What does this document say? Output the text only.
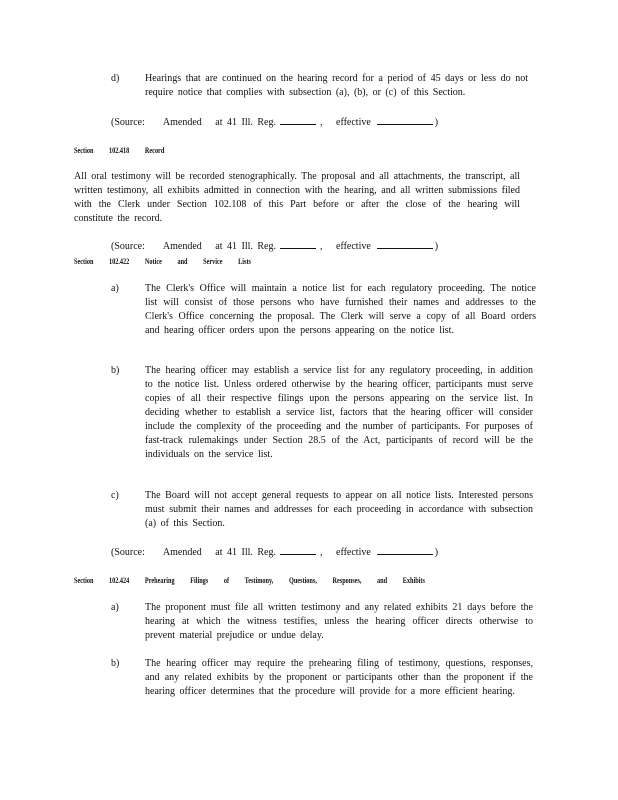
d)	Hearings that are continued on the hearing record for a period of 45 days or less do not require notice that complies with subsection (a), (b), or (c) of this Section.
(Source: Amended at 41 Ill. Reg.	,   effective	)
Section 102.418 Record
All oral testimony will be recorded stenographically. The proposal and all attachments, the transcript, all written testimony, all exhibits admitted in connection with the hearing, and all written submissions filed with the Clerk under Section 102.108 of this Part before or after the close of the hearing will constitute the record.
(Source: Amended at 41 Ill. Reg.	,   effective	)
Section 102.422 Notice and Service Lists
a)	The Clerk's Office will maintain a notice list for each regulatory proceeding. The notice list will consist of those persons who have furnished their names and addresses to the Clerk's Office concerning the proposal. The Clerk will serve a copy of all Board orders and hearing officer orders upon the persons appearing on the notice list.
b)	The hearing officer may establish a service list for any regulatory proceeding, in addition to the notice list. Unless ordered otherwise by the hearing officer, participants must serve copies of all their respective filings upon the persons appearing on the service list. In deciding whether to establish a service list, factors that the hearing officer will consider include the complexity of the proceeding and the number of participants. For purposes of fast-track rulemakings under Section 28.5 of the Act, participants of record will be the individuals on the service list.
c)	The Board will not accept general requests to appear on all notice lists. Interested persons must submit their names and addresses for each proceeding in accordance with subsection (a) of this Section.
(Source: Amended at 41 Ill. Reg.	,   effective	)
Section 102.424 Prehearing Filings of Testimony, Questions, Responses, and Exhibits
a)	The proponent must file all written testimony and any related exhibits 21 days before the hearing at which the witness testifies, unless the hearing officer directs otherwise to prevent material prejudice or undue delay.
b)	The hearing officer may require the prehearing filing of testimony, questions, responses, and any related exhibits by the proponent or participants other than the proponent if the hearing officer determines that the procedure will provide for a more efficient hearing.
